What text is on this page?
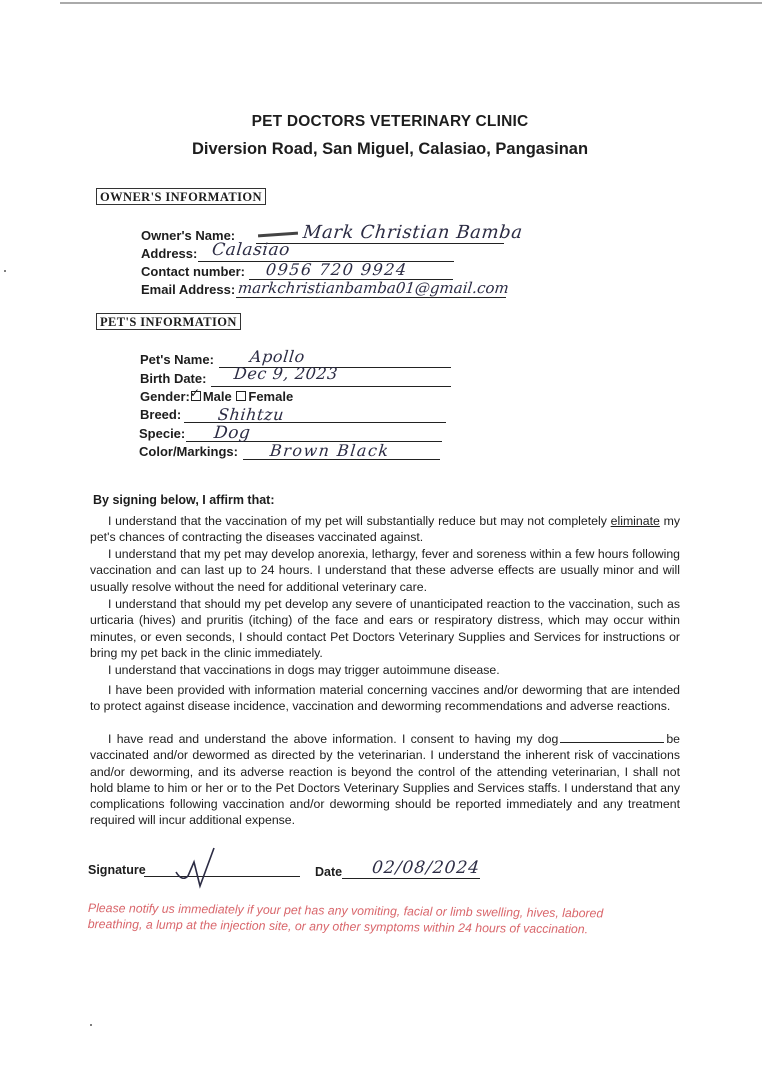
PET DOCTORS VETERINARY CLINIC
Diversion Road, San Miguel, Calasiao, Pangasinan
OWNER'S INFORMATION
Owner's Name:	Mark Christian Bamba
Address: Calasiao
Contact number: 0956 720 9924
Email Address: markchristianbamba01@gmail.com
PET'S INFORMATION
Pet's Name: Apollo
Birth Date: Dec 9, 2023
Gender: ✓ Male Female
Breed: Shihtzu
Specie: Dog
Color/Markings: Brown Black
By signing below, I affirm that:

I understand that the vaccination of my pet will substantially reduce but may not completely eliminate my pet's chances of contracting the diseases vaccinated against.

I understand that my pet may develop anorexia, lethargy, fever and soreness within a few hours following vaccination and can last up to 24 hours. I understand that these adverse effects are usually minor and will usually resolve without the need for additional veterinary care.

I understand that should my pet develop any severe of unanticipated reaction to the vaccination, such as urticaria (hives) and pruritis (itching) of the face and ears or respiratory distress, which may occur within minutes, or even seconds, I should contact Pet Doctors Veterinary Supplies and Services for instructions or bring my pet back in the clinic immediately.

I understand that vaccinations in dogs may trigger autoimmune disease.

I have been provided with information material concerning vaccines and/or deworming that are intended to protect against disease incidence, vaccination and deworming recommendations and adverse reactions.

I have read and understand the above information. I consent to having my dog	be vaccinated and/or dewormed as directed by the veterinarian. I understand the inherent risk of vaccinations and/or deworming, and its adverse reaction is beyond the control of the attending veterinarian, I shall not hold blame to him or her or to the Pet Doctors Veterinary Supplies and Services staffs. I understand that any complications following vaccination and/or deworming should be reported immediately and any treatment required will incur additional expense.

Signature	Date 02/08/2024
Please notify us immediately if your pet has any vomiting, facial or limb swelling, hives, labored breathing, a lump at the injection site, or any other symptoms within 24 hours of vaccination.
